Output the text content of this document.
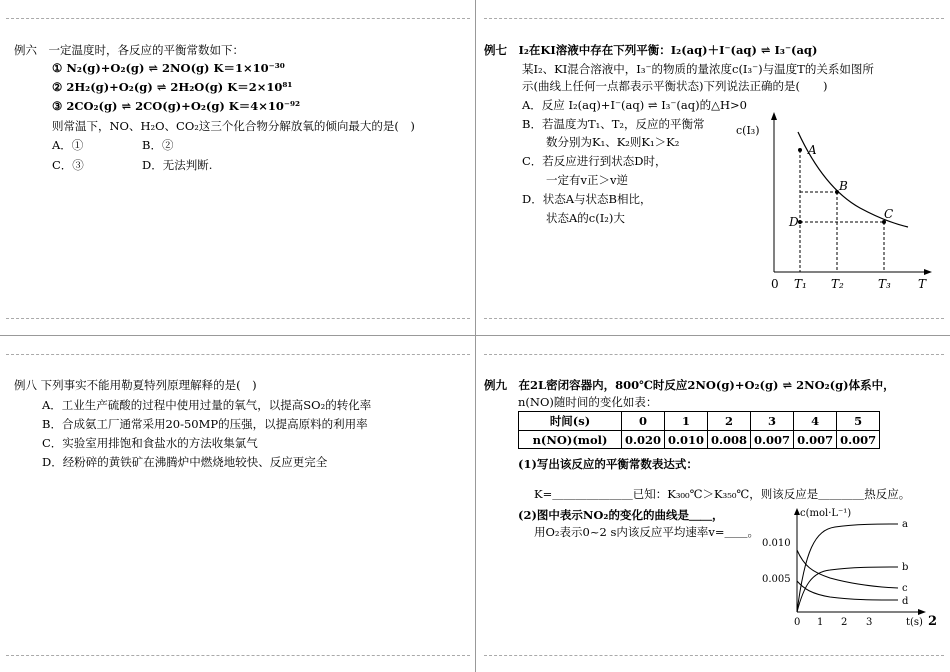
例六　一定温度时，各反应的平衡常数如下：
① N₂(g)+O₂(g) ⇌ 2NO(g) K＝1×10⁻³⁰
② 2H₂(g)+O₂(g) ⇌ 2H₂O(g) K＝2×10⁸¹
③ 2CO₂(g) ⇌ 2CO(g)+O₂(g) K＝4×10⁻⁹²
则常温下，NO、H₂O、CO₂这三个化合物分解放氧的倾向最大的是(　)
A．①	B．②
C．③	D．无法判断.
例七　I₂在KI溶液中存在下列平衡：I₂(aq)＋I⁻(aq) ⇌ I₃⁻(aq)
某I₂、KI混合溶液中，I₃⁻的物质的量浓度c(I₃⁻)与温度T的关系如图所
示(曲线上任何一点都表示平衡状态)下列说法正确的是(　　)
A．反应 I₂(aq)+I⁻(aq) ⇌ I₃⁻(aq)的△H>0
B．若温度为T₁、T₂，反应的平衡常
数分别为K₁、K₂则K₁＞K₂
C．若反应进行到状态D时，
一定有v正＞v逆
D．状态A与状态B相比，
状态A的c(I₂)大
c(I₃)
A
B
C
D
0 T₁ T₂	T₃ T
例八 下列事实不能用勒夏特列原理解释的是(　)
A．工业生产硫酸的过程中使用过量的氧气，以提高SO₂的转化率
B．合成氨工厂通常采用20-50MP的压强，以提高原料的利用率
C．实验室用排饱和食盐水的方法收集氯气
D．经粉碎的黄铁矿在沸腾炉中燃烧地较快、反应更完全
例九　在2L密闭容器内，800℃时反应2NO(g)+O₂(g) ⇌ 2NO₂(g)体系中，
n(NO)随时间的变化如表：
时间(s)	0	1	2	3	4	5
n(NO)(mol)	0.020	0.010	0.008	0.007	0.007	0.007
(1)写出该反应的平衡常数表达式：
K=＿＿＿＿＿＿＿已知：K₃₀₀℃＞K₃₅₀℃，则该反应是＿＿＿＿热反应。
(2)图中表示NO₂的变化的曲线是＿＿，
用O₂表示0~2 s内该反应平均速率v=＿＿。
c(mol·L⁻¹)
0.010
0.005
a
b
c
d
0 1 2 3	t(s) 2
